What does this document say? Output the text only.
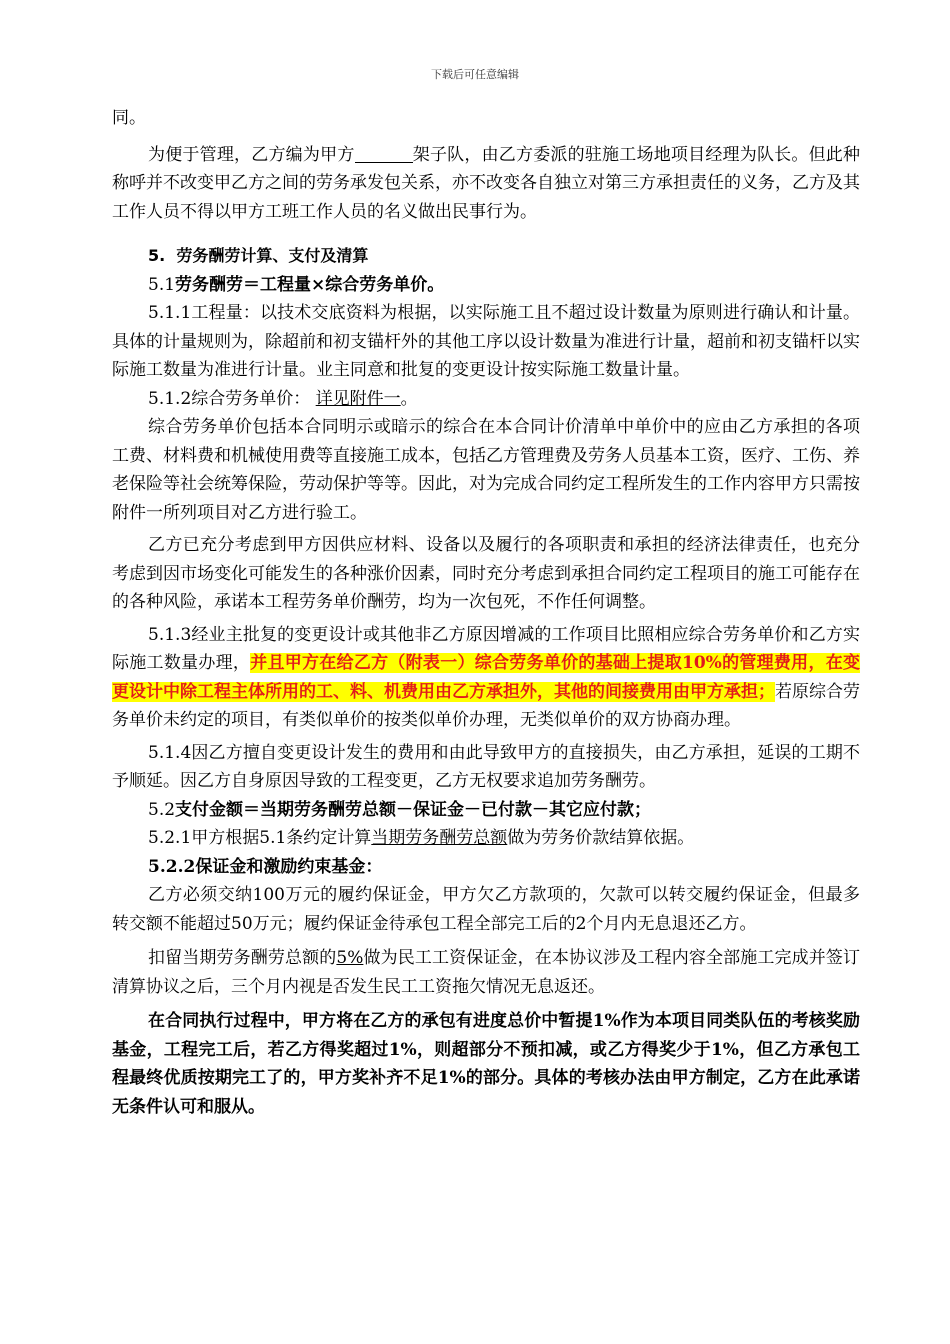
下载后可任意编辑

同。

为便于管理，乙方编为甲方	架子队，由乙方委派的驻施工场地项目经理为队长。但此种称呼并不改变甲乙方之间的劳务承发包关系，亦不改变各自独立对第三方承担责任的义务，乙方及其工作人员不得以甲方工班工作人员的名义做出民事行为。

5. 劳务酬劳计算、支付及清算

5.1劳务酬劳＝工程量×综合劳务单价。

5.1.1工程量：以技术交底资料为根据，以实际施工且不超过设计数量为原则进行确认和计量。具体的计量规则为，除超前和初支锚杆外的其他工序以设计数量为准进行计量，超前和初支锚杆以实际施工数量为准进行计量。业主同意和批复的变更设计按实际施工数量计量。

5.1.2综合劳务单价： 详见附件一。

综合劳务单价包括本合同明示或暗示的综合在本合同计价清单中单价中的应由乙方承担的各项工费、材料费和机械使用费等直接施工成本，包括乙方管理费及劳务人员基本工资，医疗、工伤、养老保险等社会统筹保险，劳动保护等等。因此，对为完成合同约定工程所发生的工作内容甲方只需按附件一所列项目对乙方进行验工。

乙方已充分考虑到甲方因供应材料、设备以及履行的各项职责和承担的经济法律责任，也充分考虑到因市场变化可能发生的各种涨价因素，同时充分考虑到承担合同约定工程项目的施工可能存在的各种风险，承诺本工程劳务单价酬劳，均为一次包死，不作任何调整。

5.1.3经业主批复的变更设计或其他非乙方原因增减的工作项目比照相应综合劳务单价和乙方实际施工数量办理，并且甲方在给乙方（附表一）综合劳务单价的基础上提取10%的管理费用，在变更设计中除工程主体所用的工、料、机费用由乙方承担外，其他的间接费用由甲方承担；若原综合劳务单价未约定的项目，有类似单价的按类似单价办理，无类似单价的双方协商办理。

5.1.4因乙方擅自变更设计发生的费用和由此导致甲方的直接损失，由乙方承担，延误的工期不予顺延。因乙方自身原因导致的工程变更，乙方无权要求追加劳务酬劳。

5.2支付金额＝当期劳务酬劳总额－保证金－已付款－其它应付款；

5.2.1甲方根据5.1条约定计算当期劳务酬劳总额做为劳务价款结算依据。

5.2.2保证金和激励约束基金：

乙方必须交纳100万元的履约保证金，甲方欠乙方款项的，欠款可以转交履约保证金，但最多转交额不能超过50万元；履约保证金待承包工程全部完工后的2个月内无息退还乙方。

扣留当期劳务酬劳总额的5%做为民工工资保证金，在本协议涉及工程内容全部施工完成并签订清算协议之后，三个月内视是否发生民工工资拖欠情况无息返还。

在合同执行过程中，甲方将在乙方的承包有进度总价中暂提1%作为本项目同类队伍的考核奖励基金，工程完工后，若乙方得奖超过1%，则超部分不预扣减，或乙方得奖少于1%，但乙方承包工程最终优质按期完工了的，甲方奖补齐不足1%的部分。具体的考核办法由甲方制定，乙方在此承诺无条件认可和服从。
